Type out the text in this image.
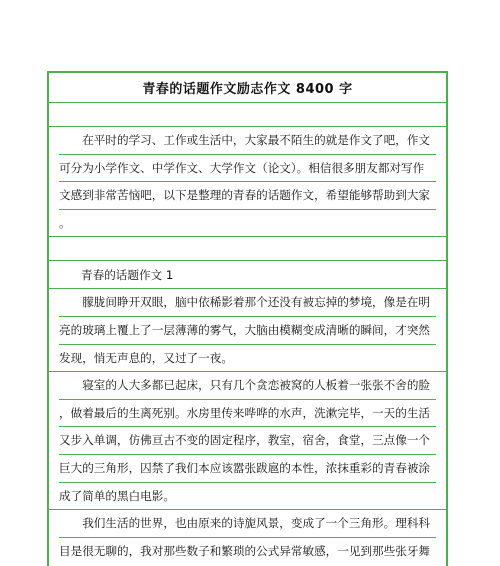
青春的话题作文励志作文 8400 字
在平时的学习、工作或生活中，大家最不陌生的就是作文了吧，作文
可分为小学作文、中学作文、大学作文（论文）。相信很多朋友都对写作
文感到非常苦恼吧，以下是整理的青春的话题作文，希望能够帮助到大家
。
青春的话题作文 1
朦胧间睁开双眼，脑中依稀影着那个还没有被忘掉的梦境，像是在明
亮的玻璃上覆上了一层薄薄的雾气，大脑由模糊变成清晰的瞬间，才突然
发现，悄无声息的，又过了一夜。
寝室的人大多都已起床，只有几个贪恋被窝的人板着一张张不舍的脸
，做着最后的生离死别。水房里传来哗哗的水声，洗漱完毕，一天的生活
又步入单调，仿佛亘古不变的固定程序，教室，宿舍，食堂，三点像一个
巨大的三角形，囚禁了我们本应该嚣张跋扈的本性，浓抹重彩的青春被涂
成了简单的黑白电影。
我们生活的世界，也由原来的诗旎风景，变成了一个三角形。理科科
目是很无聊的，我对那些数子和繁琐的公式异常敏感，一见到那些张牙舞
